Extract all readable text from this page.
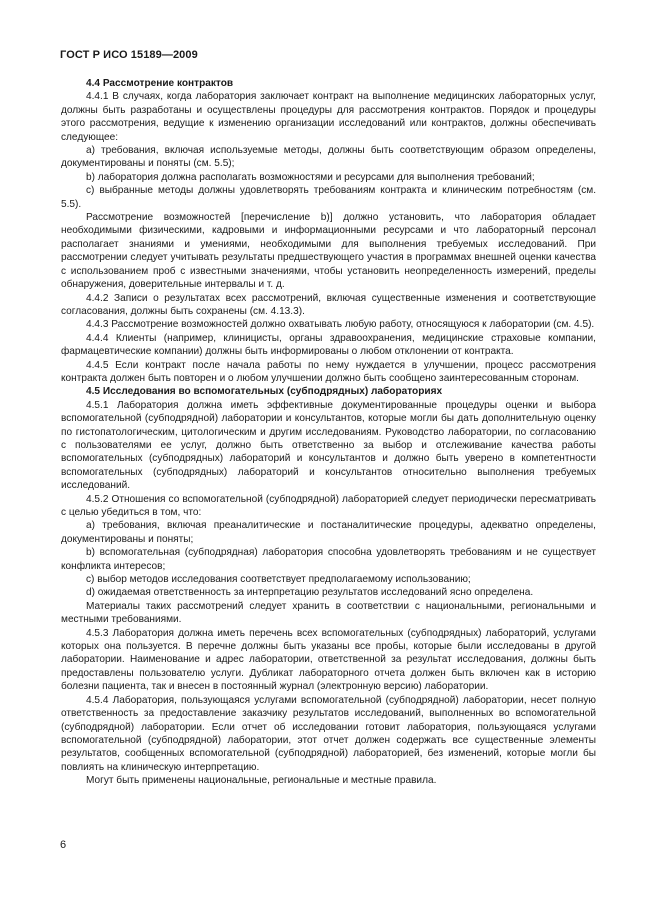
ГОСТ Р ИСО 15189—2009

4.4 Рассмотрение контрактов

4.4.1 В случаях, когда лаборатория заключает контракт на выполнение медицинских лабораторных услуг, должны быть разработаны и осуществлены процедуры для рассмотрения контрактов. Порядок и процедуры этого рассмотрения, ведущие к изменению организации исследований или контрактов, должны обеспечивать следующее:

a) требования, включая используемые методы, должны быть соответствующим образом определены, документированы и поняты (см. 5.5);

b) лаборатория должна располагать возможностями и ресурсами для выполнения требований;

c) выбранные методы должны удовлетворять требованиям контракта и клиническим потребностям (см. 5.5).

Рассмотрение возможностей [перечисление b)] должно установить, что лаборатория обладает необходимыми физическими, кадровыми и информационными ресурсами и что лабораторный персонал располагает знаниями и умениями, необходимыми для выполнения требуемых исследований. При рассмотрении следует учитывать результаты предшествующего участия в программах внешней оценки качества с использованием проб с известными значениями, чтобы установить неопределенность измерений, пределы обнаружения, доверительные интервалы и т. д.

4.4.2 Записи о результатах всех рассмотрений, включая существенные изменения и соответствующие согласования, должны быть сохранены (см. 4.13.3).

4.4.3 Рассмотрение возможностей должно охватывать любую работу, относящуюся к лаборатории (см. 4.5).

4.4.4 Клиенты (например, клиницисты, органы здравоохранения, медицинские страховые компании, фармацевтические компании) должны быть информированы о любом отклонении от контракта.

4.4.5 Если контракт после начала работы по нему нуждается в улучшении, процесс рассмотрения контракта должен быть повторен и о любом улучшении должно быть сообщено заинтересованным сторонам.

4.5 Исследования во вспомогательных (субподрядных) лабораториях

4.5.1 Лаборатория должна иметь эффективные документированные процедуры оценки и выбора вспомогательной (субподрядной) лаборатории и консультантов, которые могли бы дать дополнительную оценку по гистопатологическим, цитологическим и другим исследованиям. Руководство лаборатории, по согласованию с пользователями ее услуг, должно быть ответственно за выбор и отслеживание качества работы вспомогательных (субподрядных) лабораторий и консультантов и должно быть уверено в компетентности вспомогательных (субподрядных) лабораторий и консультантов относительно выполнения требуемых исследований.

4.5.2 Отношения со вспомогательной (субподрядной) лабораторией следует периодически пересматривать с целью убедиться в том, что:

a) требования, включая преаналитические и постаналитические процедуры, адекватно определены, документированы и поняты;

b) вспомогательная (субподрядная) лаборатория способна удовлетворять требованиям и не существует конфликта интересов;

c) выбор методов исследования соответствует предполагаемому использованию;

d) ожидаемая ответственность за интерпретацию результатов исследований ясно определена.

Материалы таких рассмотрений следует хранить в соответствии с национальными, региональными и местными требованиями.

4.5.3 Лаборатория должна иметь перечень всех вспомогательных (субподрядных) лабораторий, услугами которых она пользуется. В перечне должны быть указаны все пробы, которые были исследованы в другой лаборатории. Наименование и адрес лаборатории, ответственной за результат исследования, должны быть предоставлены пользователю услуги. Дубликат лабораторного отчета должен быть включен как в историю болезни пациента, так и внесен в постоянный журнал (электронную версию) лаборатории.

4.5.4 Лаборатория, пользующаяся услугами вспомогательной (субподрядной) лаборатории, несет полную ответственность за предоставление заказчику результатов исследований, выполненных во вспомогательной (субподрядной) лаборатории. Если отчет об исследовании готовит лаборатория, пользующаяся услугами вспомогательной (субподрядной) лаборатории, этот отчет должен содержать все существенные элементы результатов, сообщенных вспомогательной (субподрядной) лабораторией, без изменений, которые могли бы повлиять на клиническую интерпретацию.

Могут быть применены национальные, региональные и местные правила.

6
